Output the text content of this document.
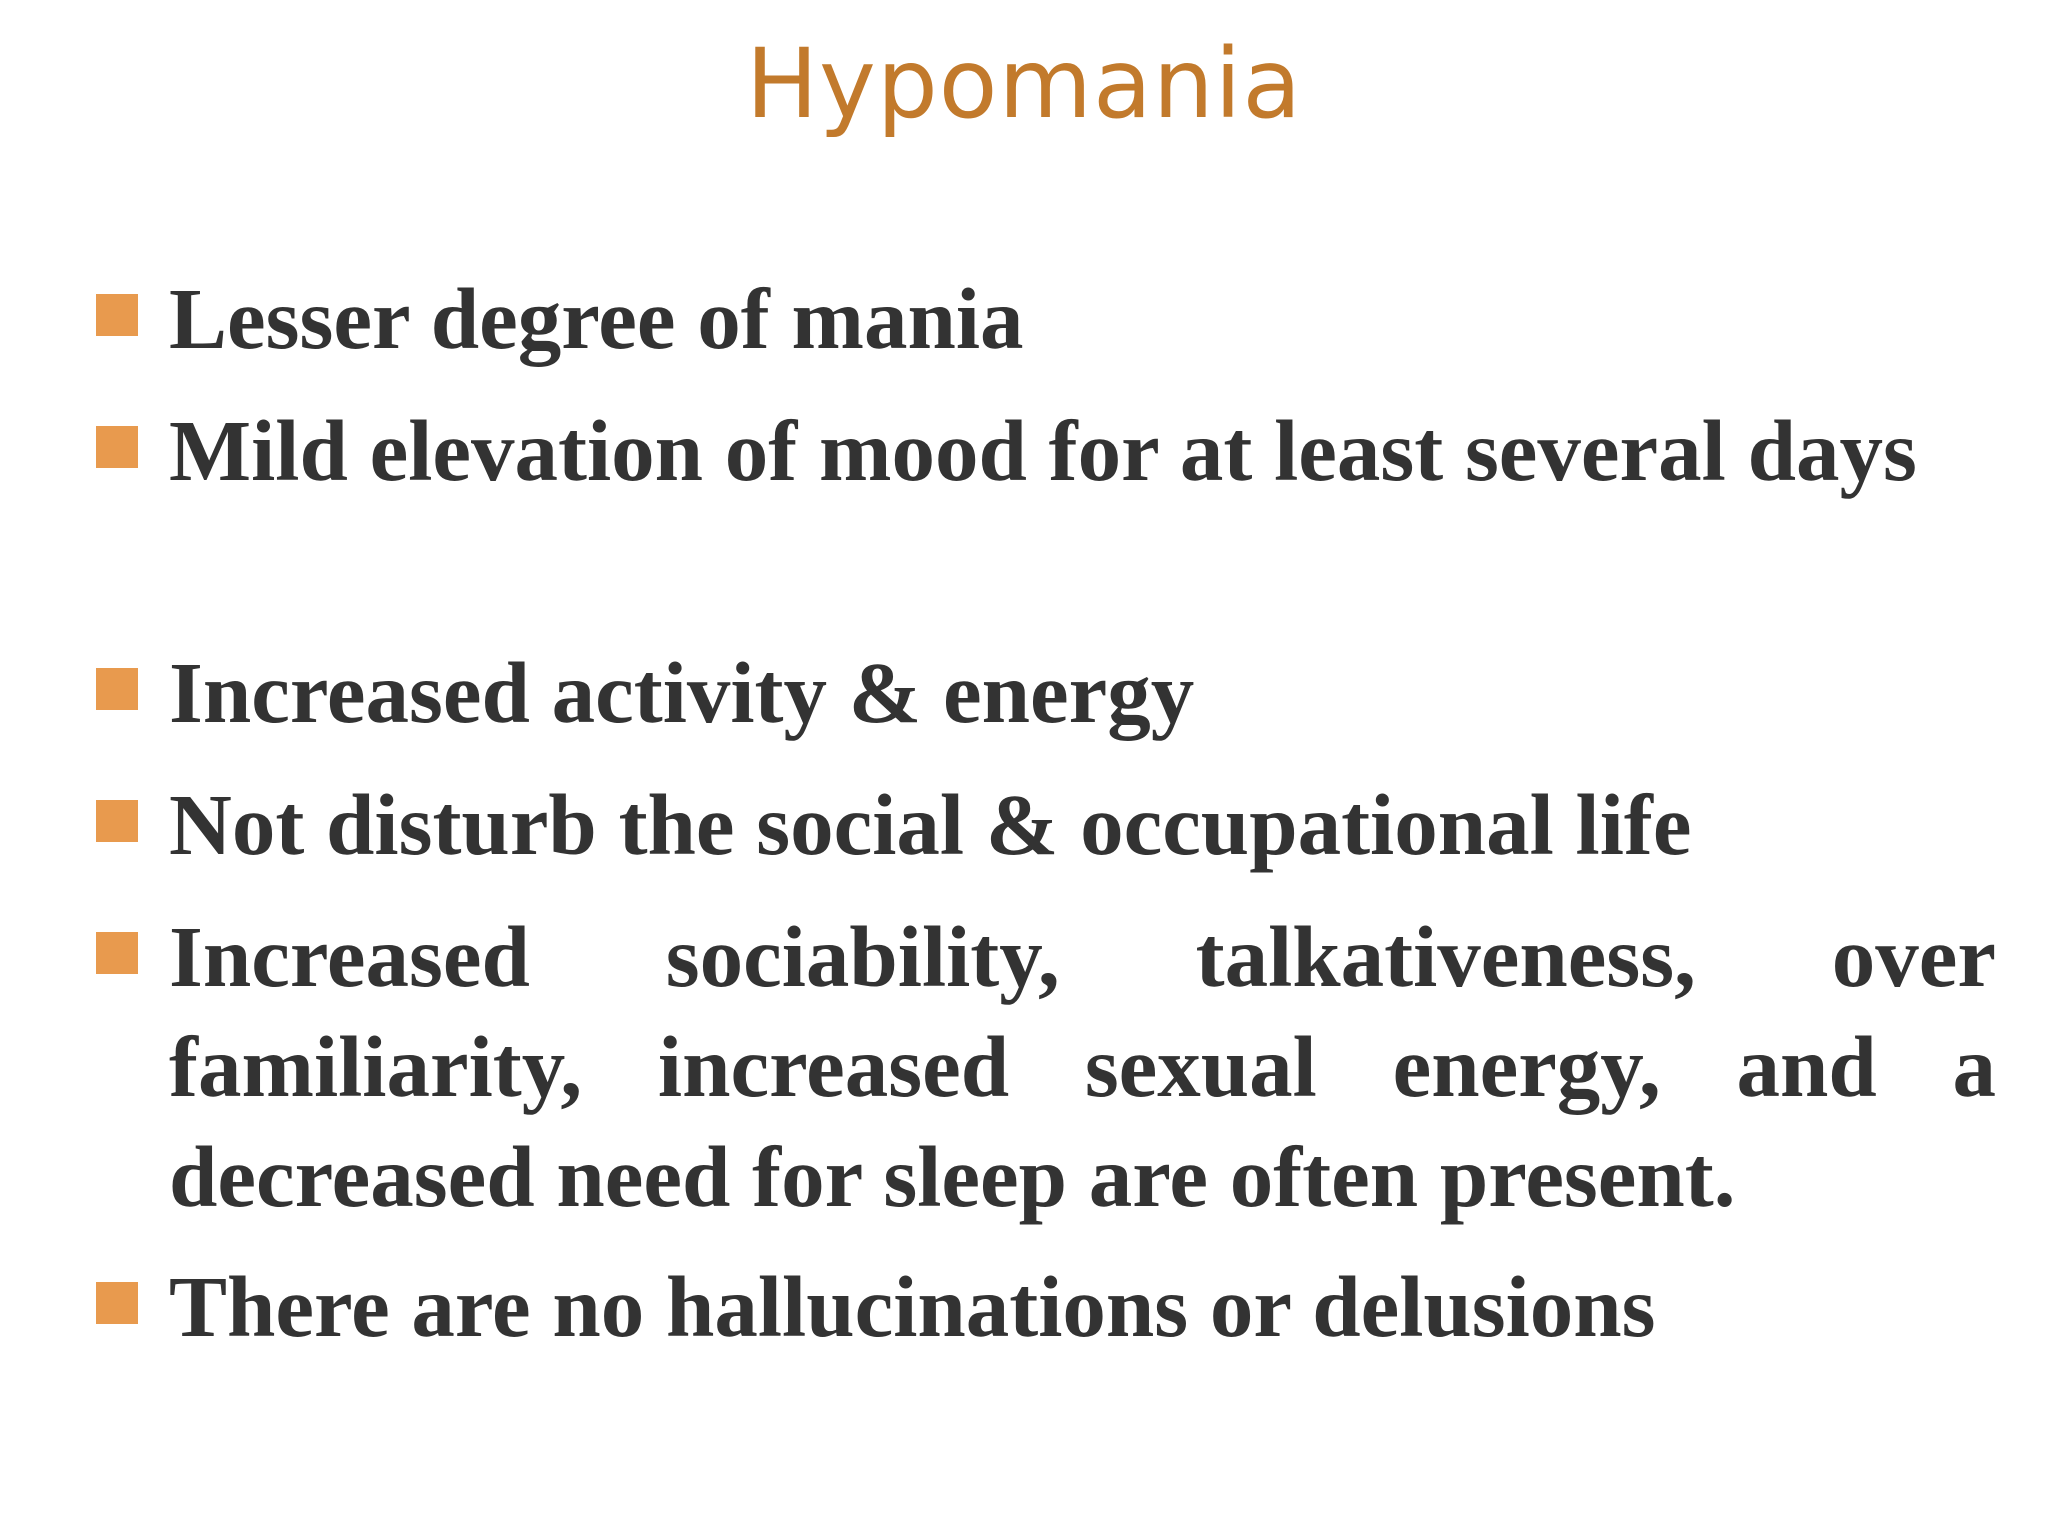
Hypomania
Lesser degree of mania
Mild elevation of mood for at least several days
Increased activity & energy
Not disturb the social & occupational life
Increased sociability, talkativeness, over familiarity, increased sexual energy, and a decreased need for sleep are often present.
There are no hallucinations or delusions
